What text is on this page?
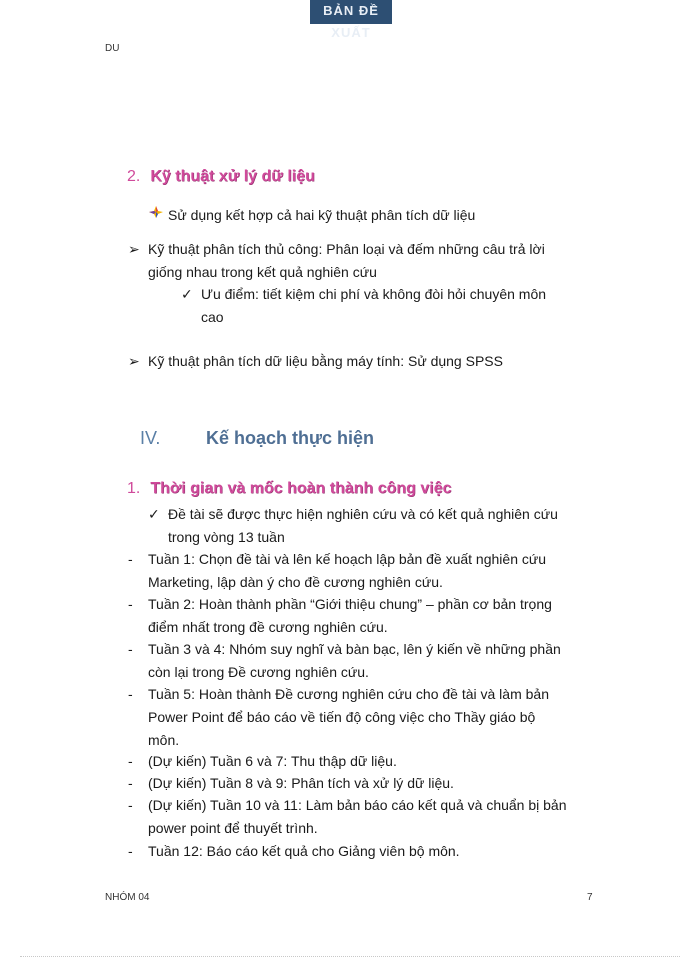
BẢN ĐỀ XUẤT
DU
2. Kỹ thuật xử lý dữ liệu
Sử dụng kết hợp cả hai kỹ thuật phân tích dữ liệu
➢ Kỹ thuật phân tích thủ công: Phân loại và đếm những câu trả lời
giống nhau trong kết quả nghiên cứu
✓ Ưu điểm: tiết kiệm chi phí và không đòi hỏi chuyên môn
cao
➢ Kỹ thuật phân tích dữ liệu bằng máy tính: Sử dụng SPSS
IV.	Kế hoạch thực hiện
1. Thời gian và mốc hoàn thành công việc
✓ Đề tài sẽ được thực hiện nghiên cứu và có kết quả nghiên cứu
trong vòng 13 tuần
- Tuần 1: Chọn đề tài và lên kế hoạch lập bản đề xuất nghiên cứu
Marketing, lập dàn ý cho đề cương nghiên cứu.
- Tuần 2: Hoàn thành phần “Giới thiệu chung” – phần cơ bản trọng
điểm nhất trong đề cương nghiên cứu.
- Tuần 3 và 4: Nhóm suy nghĩ và bàn bạc, lên ý kiến về những phần
còn lại trong Đề cương nghiên cứu.
- Tuần 5: Hoàn thành Đề cương nghiên cứu cho đề tài và làm bản
Power Point để báo cáo về tiến độ công việc cho Thầy giáo bộ
môn.
- (Dự kiến) Tuần 6 và 7: Thu thập dữ liệu.
- (Dự kiến) Tuần 8 và 9: Phân tích và xử lý dữ liệu.
- (Dự kiến) Tuần 10 và 11: Làm bản báo cáo kết quả và chuẩn bị bản
power point để thuyết trình.
- Tuần 12: Báo cáo kết quả cho Giảng viên bộ môn.
NHÓM 04	7
